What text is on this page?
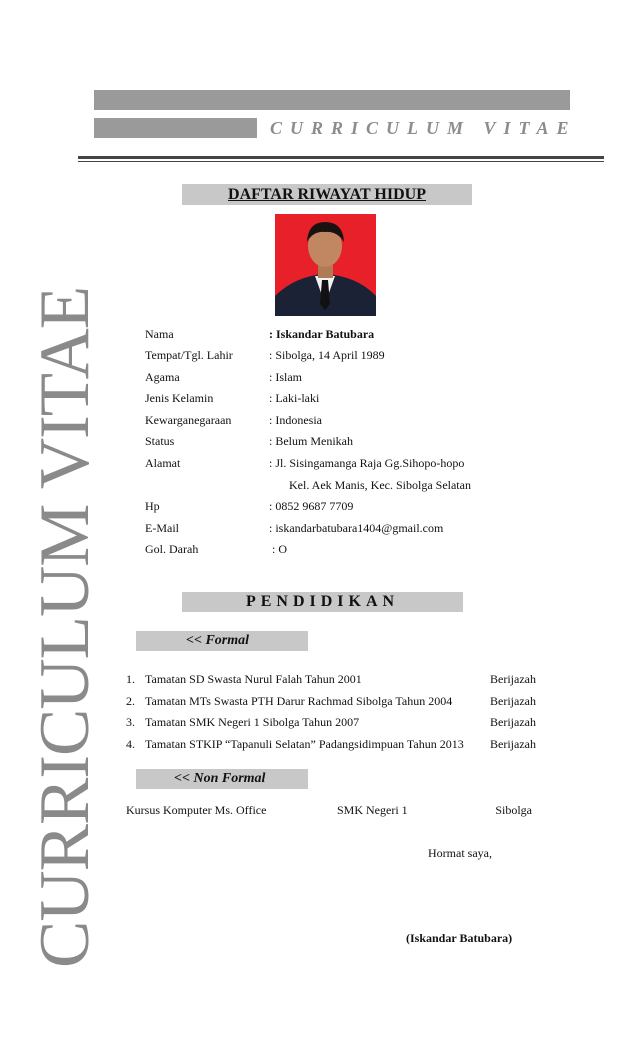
CURRICULUM VITAE
CURRICULUM VITAE
DAFTAR RIWAYAT HIDUP
Nama	: Iskandar Batubara
Tempat/Tgl. Lahir	: Sibolga, 14 April 1989
Agama	: Islam
Jenis Kelamin	: Laki-laki
Kewarganegaraan	: Indonesia
Status	: Belum Menikah
Alamat	: Jl. Sisingamanga Raja Gg.Sihopo-hopo
Kel. Aek Manis, Kec. Sibolga Selatan
Hp	: 0852 9687 7709
E-Mail	: iskandarbatubara1404@gmail.com
Gol. Darah	: O
PENDIDIKAN
<< Formal
1. Tamatan SD Swasta Nurul Falah Tahun 2001	Berijazah
2. Tamatan MTs Swasta PTH Darur Rachmad Sibolga Tahun 2004	Berijazah
3. Tamatan SMK Negeri 1 Sibolga Tahun 2007	Berijazah
4. Tamatan STKIP “Tapanuli Selatan” Padangsidimpuan Tahun 2013 Berijazah
<< Non Formal
Kursus Komputer Ms. Office	SMK Negeri 1	Sibolga
Hormat saya,
(Iskandar Batubara)
